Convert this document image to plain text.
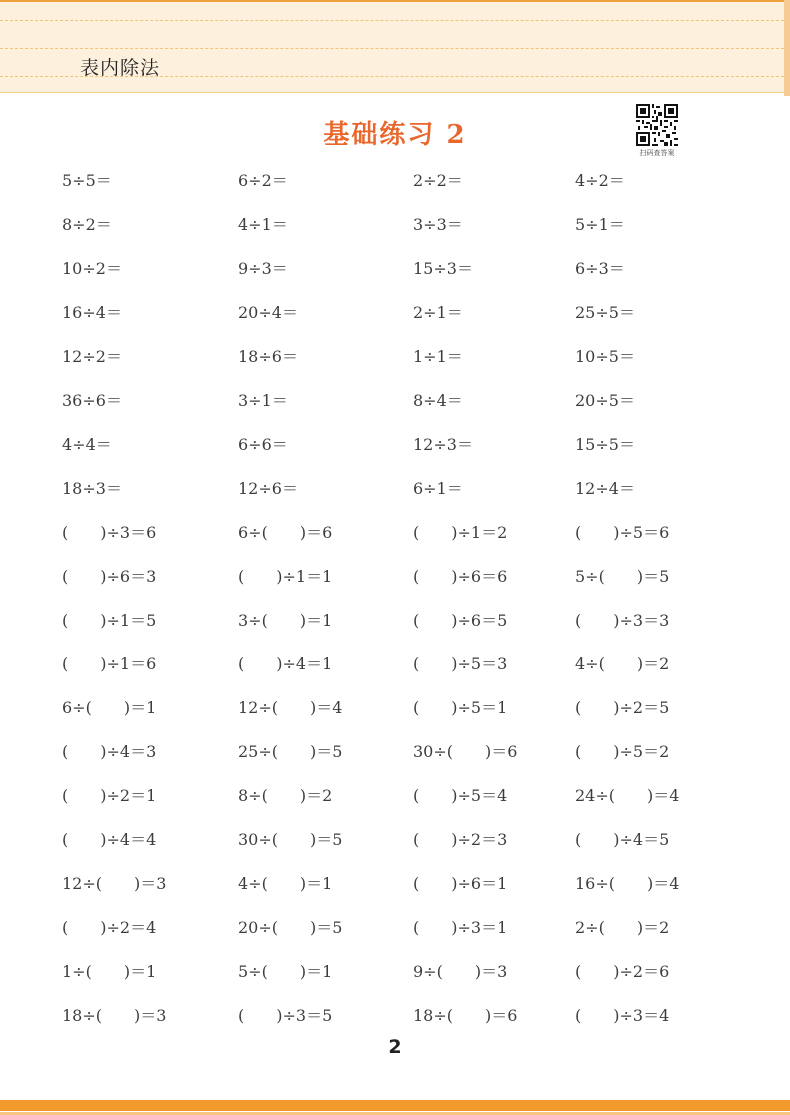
表内除法
基础练习 2
扫码查答案
5÷5＝	6÷2＝	2÷2＝	4÷2＝
8÷2＝	4÷1＝	3÷3＝	5÷1＝
10÷2＝	9÷3＝	15÷3＝	6÷3＝
16÷4＝	20÷4＝	2÷1＝	25÷5＝
12÷2＝	18÷6＝	1÷1＝	10÷5＝
36÷6＝	3÷1＝	8÷4＝	20÷5＝
4÷4＝	6÷6＝	12÷3＝	15÷5＝
18÷3＝	12÷6＝	6÷1＝	12÷4＝
(　　)÷3＝6	6÷(　　)＝6	(　　)÷1＝2	(　　)÷5＝6
(　　)÷6＝3	(　　)÷1＝1	(　　)÷6＝6	5÷(　　)＝5
(　　)÷1＝5	3÷(　　)＝1	(　　)÷6＝5	(　　)÷3＝3
(　　)÷1＝6	(　　)÷4＝1	(　　)÷5＝3	4÷(　　)＝2
6÷(　　)＝1	12÷(　　)＝4	(　　)÷5＝1	(　　)÷2＝5
(　　)÷4＝3	25÷(　　)＝5	30÷(　　)＝6	(　　)÷5＝2
(　　)÷2＝1	8÷(　　)＝2	(　　)÷5＝4	24÷(　　)＝4
(　　)÷4＝4	30÷(　　)＝5	(　　)÷2＝3	(　　)÷4＝5
12÷(　　)＝3	4÷(　　)＝1	(　　)÷6＝1	16÷(　　)＝4
(　　)÷2＝4	20÷(　　)＝5	(　　)÷3＝1	2÷(　　)＝2
1÷(　　)＝1	5÷(　　)＝1	9÷(　　)＝3	(　　)÷2＝6
18÷(　　)＝3	(　　)÷3＝5	18÷(　　)＝6	(　　)÷3＝4
2
